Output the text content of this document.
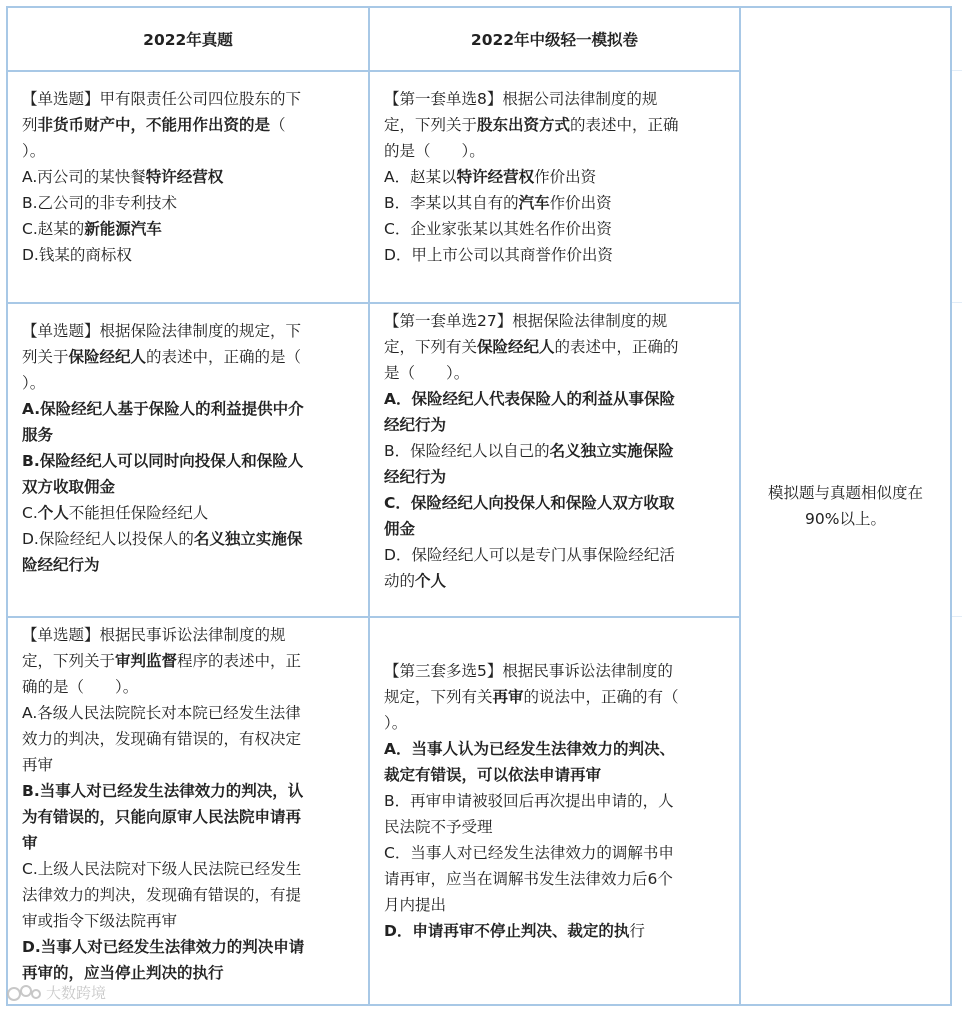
2022年真题	2022年中级轻一模拟卷
模拟题与真题相似度在
90%以上。
【单选题】甲有限责任公司四位股东的下
列非货币财产中，不能用作出资的是（
）。
A.丙公司的某快餐特许经营权
B.乙公司的非专利技术
C.赵某的新能源汽车
D.钱某的商标权
【第一套单选8】根据公司法律制度的规
定，下列关于股东出资方式的表述中，正确
的是（　　）。
A．赵某以特许经营权作价出资
B．李某以其自有的汽车作价出资
C．企业家张某以其姓名作价出资
D．甲上市公司以其商誉作价出资
【单选题】根据保险法律制度的规定，下
列关于保险经纪人的表述中，正确的是（
）。
A.保险经纪人基于保险人的利益提供中介
服务
B.保险经纪人可以同时向投保人和保险人
双方收取佣金
C.个人不能担任保险经纪人
D.保险经纪人以投保人的名义独立实施保
险经纪行为
【第一套单选27】根据保险法律制度的规
定，下列有关保险经纪人的表述中，正确的
是（　　）。
A．保险经纪人代表保险人的利益从事保险
经纪行为
B．保险经纪人以自己的名义独立实施保险
经纪行为
C．保险经纪人向投保人和保险人双方收取
佣金
D．保险经纪人可以是专门从事保险经纪活
动的个人
【单选题】根据民事诉讼法律制度的规
定，下列关于审判监督程序的表述中，正
确的是（　　）。
A.各级人民法院院长对本院已经发生法律
效力的判决，发现确有错误的，有权决定
再审
B.当事人对已经发生法律效力的判决，认
为有错误的，只能向原审人民法院申请再
审
C.上级人民法院对下级人民法院已经发生
法律效力的判决，发现确有错误的，有提
审或指令下级法院再审
D.当事人对已经发生法律效力的判决申请
再审的，应当停止判决的执行
【第三套多选5】根据民事诉讼法律制度的
规定，下列有关再审的说法中，正确的有（
）。
A．当事人认为已经发生法律效力的判决、
裁定有错误，可以依法申请再审
B．再审申请被驳回后再次提出申请的，人
民法院不予受理
C．当事人对已经发生法律效力的调解书申
请再审，应当在调解书发生法律效力后6个
月内提出
D．申请再审不停止判决、裁定的执行
大数跨境
